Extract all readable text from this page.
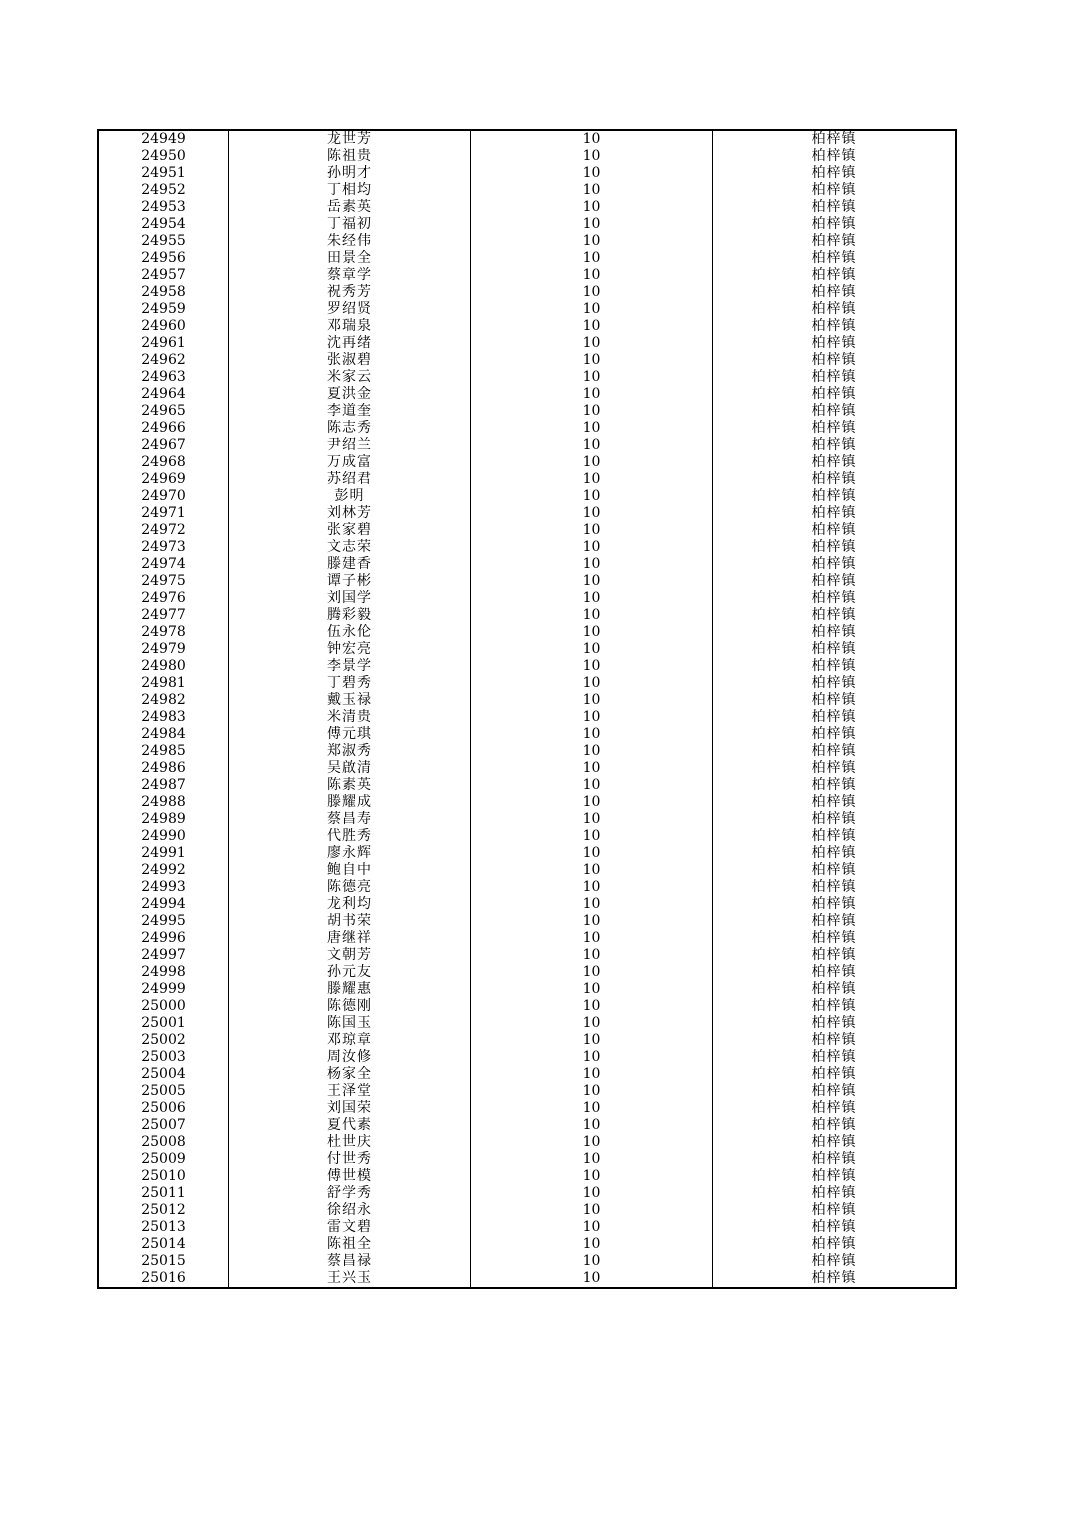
24949	龙世芳	10	柏梓镇
24950	陈祖贵	10	柏梓镇
24951	孙明才	10	柏梓镇
24952	丁相均	10	柏梓镇
24953	岳素英	10	柏梓镇
24954	丁福初	10	柏梓镇
24955	朱经伟	10	柏梓镇
24956	田景全	10	柏梓镇
24957	蔡章学	10	柏梓镇
24958	祝秀芳	10	柏梓镇
24959	罗绍贤	10	柏梓镇
24960	邓瑞泉	10	柏梓镇
24961	沈再绪	10	柏梓镇
24962	张淑碧	10	柏梓镇
24963	米家云	10	柏梓镇
24964	夏洪金	10	柏梓镇
24965	李道奎	10	柏梓镇
24966	陈志秀	10	柏梓镇
24967	尹绍兰	10	柏梓镇
24968	万成富	10	柏梓镇
24969	苏绍君	10	柏梓镇
24970	彭明	10	柏梓镇
24971	刘林芳	10	柏梓镇
24972	张家碧	10	柏梓镇
24973	文志荣	10	柏梓镇
24974	滕建香	10	柏梓镇
24975	谭子彬	10	柏梓镇
24976	刘国学	10	柏梓镇
24977	腾彩毅	10	柏梓镇
24978	伍永伦	10	柏梓镇
24979	钟宏亮	10	柏梓镇
24980	李景学	10	柏梓镇
24981	丁碧秀	10	柏梓镇
24982	戴玉禄	10	柏梓镇
24983	米清贵	10	柏梓镇
24984	傅元琪	10	柏梓镇
24985	郑淑秀	10	柏梓镇
24986	吴啟清	10	柏梓镇
24987	陈素英	10	柏梓镇
24988	滕耀成	10	柏梓镇
24989	蔡昌寿	10	柏梓镇
24990	代胜秀	10	柏梓镇
24991	廖永辉	10	柏梓镇
24992	鲍自中	10	柏梓镇
24993	陈德亮	10	柏梓镇
24994	龙利均	10	柏梓镇
24995	胡书荣	10	柏梓镇
24996	唐继祥	10	柏梓镇
24997	文朝芳	10	柏梓镇
24998	孙元友	10	柏梓镇
24999	滕耀惠	10	柏梓镇
25000	陈德刚	10	柏梓镇
25001	陈国玉	10	柏梓镇
25002	邓琼章	10	柏梓镇
25003	周汝修	10	柏梓镇
25004	杨家全	10	柏梓镇
25005	王泽堂	10	柏梓镇
25006	刘国荣	10	柏梓镇
25007	夏代素	10	柏梓镇
25008	杜世庆	10	柏梓镇
25009	付世秀	10	柏梓镇
25010	傅世模	10	柏梓镇
25011	舒学秀	10	柏梓镇
25012	徐绍永	10	柏梓镇
25013	雷文碧	10	柏梓镇
25014	陈祖全	10	柏梓镇
25015	蔡昌禄	10	柏梓镇
25016	王兴玉	10	柏梓镇
